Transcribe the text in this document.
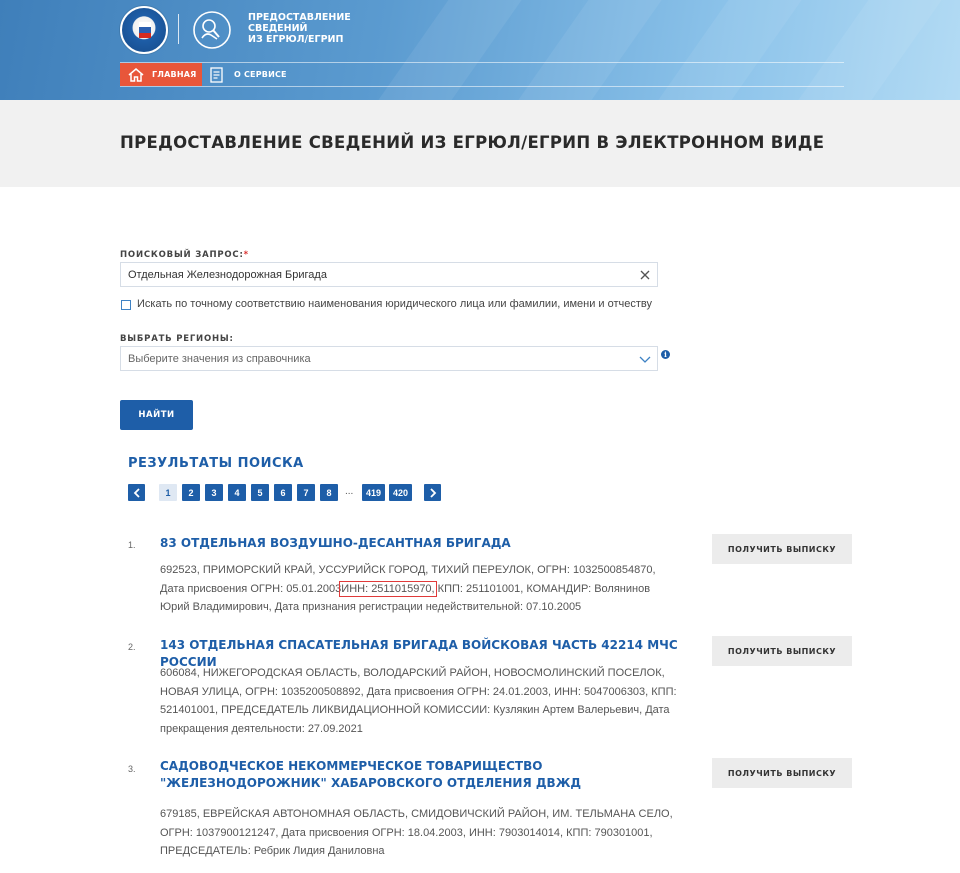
ПРЕДОСТАВЛЕНИЕ
СВЕДЕНИЙ
ИЗ ЕГРЮЛ/ЕГРИП
ГЛАВНАЯ	О СЕРВИСЕ
ПРЕДОСТАВЛЕНИЕ СВЕДЕНИЙ ИЗ ЕГРЮЛ/ЕГРИП В ЭЛЕКТРОННОМ ВИДЕ
ПОИСКОВЫЙ ЗАПРОС:*
Отдельная Железнодорожная Бригада
Искать по точному соответствию наименования юридического лица или фамилии, имени и отчеству
ВЫБРАТЬ РЕГИОНЫ:
Выберите значения из справочника	i
НАЙТИ
РЕЗУЛЬТАТЫ ПОИСКА
1	2	3	4	5	6	7	8	...	419	420
1. 83 ОТДЕЛЬНАЯ ВОЗДУШНО-ДЕСАНТНАЯ БРИГАДА
692523, ПРИМОРСКИЙ КРАЙ, УССУРИЙСК ГОРОД, ТИХИЙ ПЕРЕУЛОК, ОГРН: 1032500854870, Дата присвоения ОГРН: 05.01.2003ИНН: 2511015970, КПП: 251101001, КОМАНДИР: Волянинов Юрий Владимирович, Дата признания регистрации недействительной: 07.10.2005
ПОЛУЧИТЬ ВЫПИСКУ
2. 143 ОТДЕЛЬНАЯ СПАСАТЕЛЬНАЯ БРИГАДА ВОЙСКОВАЯ ЧАСТЬ 42214 МЧС РОССИИ
606084, НИЖЕГОРОДСКАЯ ОБЛАСТЬ, ВОЛОДАРСКИЙ РАЙОН, НОВОСМОЛИНСКИЙ ПОСЕЛОК, НОВАЯ УЛИЦА, ОГРН: 1035200508892, Дата присвоения ОГРН: 24.01.2003, ИНН: 5047006303, КПП: 521401001, ПРЕДСЕДАТЕЛЬ ЛИКВИДАЦИОННОЙ КОМИССИИ: Кузлякин Артем Валерьевич, Дата прекращения деятельности: 27.09.2021
ПОЛУЧИТЬ ВЫПИСКУ
3. САДОВОДЧЕСКОЕ НЕКОММЕРЧЕСКОЕ ТОВАРИЩЕСТВО "ЖЕЛЕЗНОДОРОЖНИК" ХАБАРОВСКОГО ОТДЕЛЕНИЯ ДВЖД
679185, ЕВРЕЙСКАЯ АВТОНОМНАЯ ОБЛАСТЬ, СМИДОВИЧСКИЙ РАЙОН, ИМ. ТЕЛЬМАНА СЕЛО, ОГРН: 1037900121247, Дата присвоения ОГРН: 18.04.2003, ИНН: 7903014014, КПП: 790301001, ПРЕДСЕДАТЕЛЬ: Ребрик Лидия Даниловна
ПОЛУЧИТЬ ВЫПИСКУ
